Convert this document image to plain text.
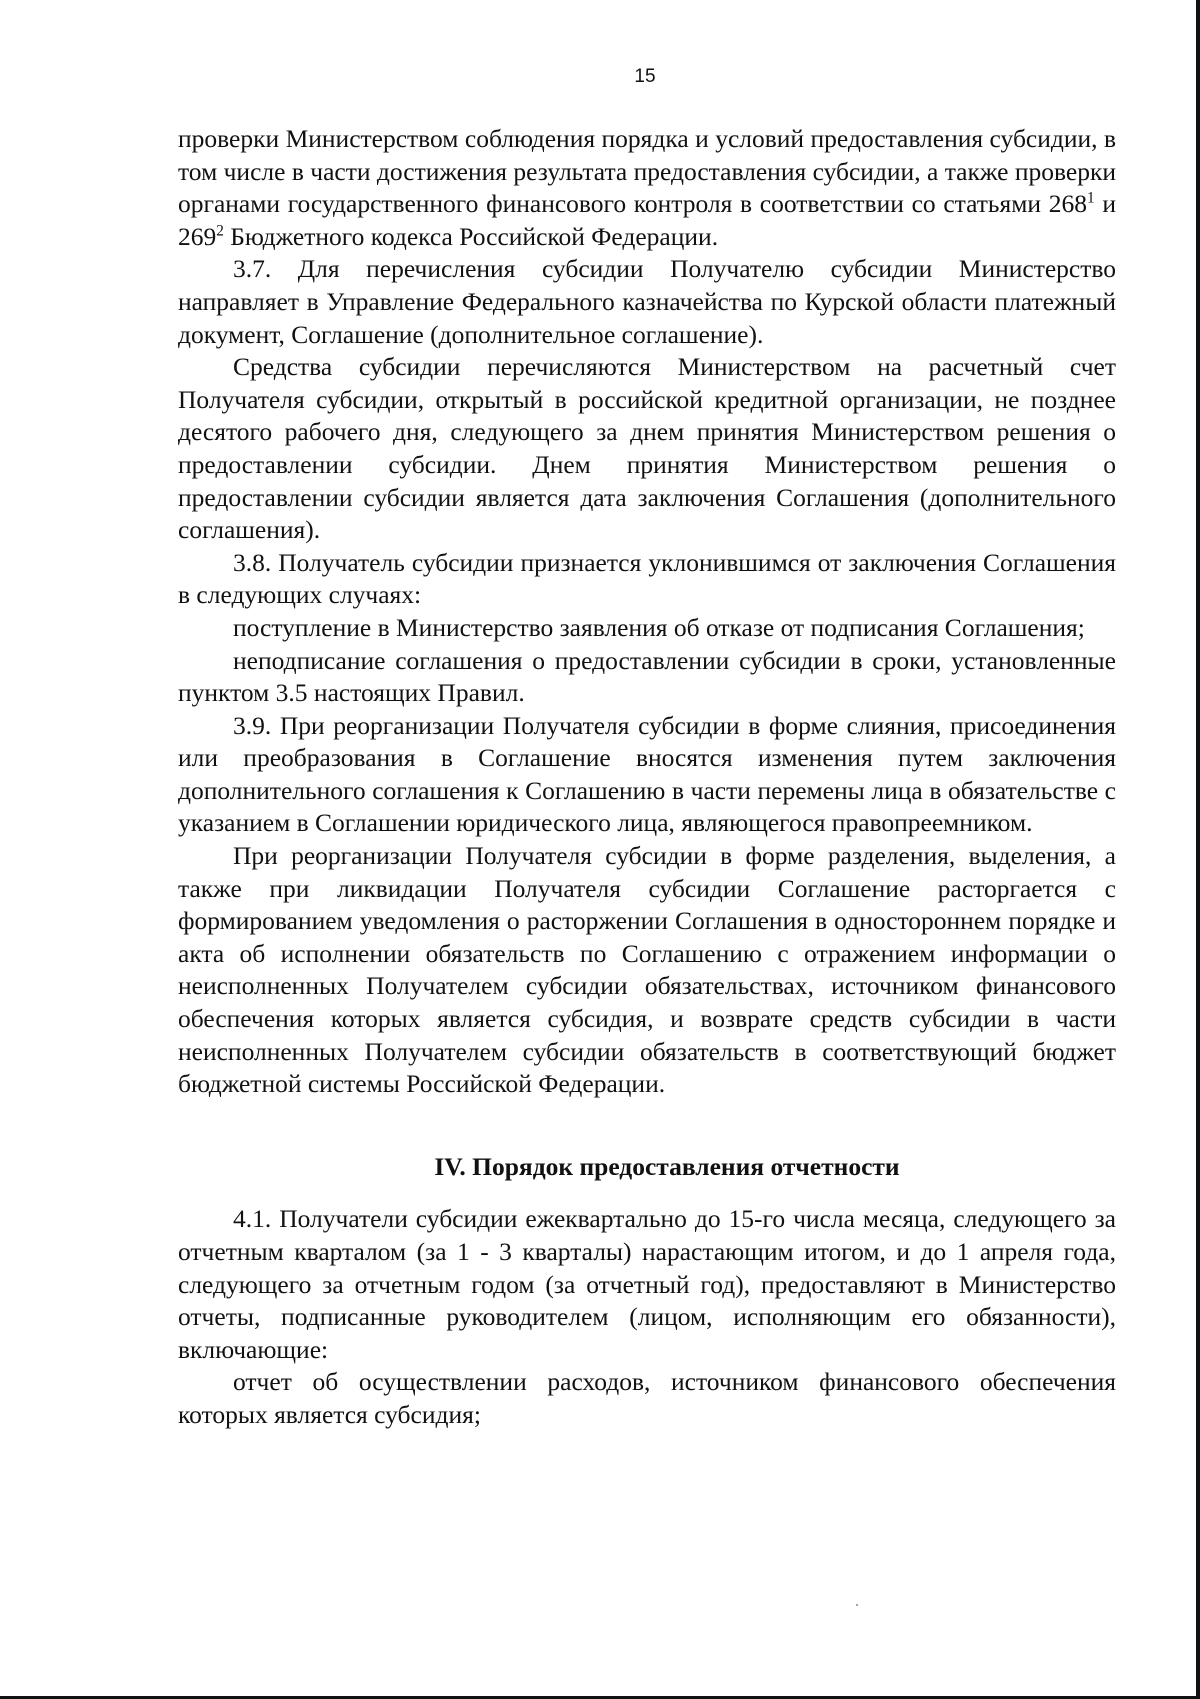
15

проверки Министерством соблюдения порядка и условий предоставления субсидии, в том числе в части достижения результата предоставления субсидии, а также проверки органами государственного финансового контроля в соответствии со статьями $268^1$ и $269^2$ Бюджетного кодекса Российской Федерации.

3.7. Для перечисления субсидии Получателю субсидии Министерство направляет в Управление Федерального казначейства по Курской области платежный документ, Соглашение (дополнительное соглашение).

Средства субсидии перечисляются Министерством на расчетный счет Получателя субсидии, открытый в российской кредитной организации, не позднее десятого рабочего дня, следующего за днем принятия Министерством решения о предоставлении субсидии. Днем принятия Министерством решения о предоставлении субсидии является дата заключения Соглашения (дополнительного соглашения).

3.8. Получатель субсидии признается уклонившимся от заключения Соглашения в следующих случаях:

поступление в Министерство заявления об отказе от подписания Соглашения;

неподписание соглашения о предоставлении субсидии в сроки, установленные пунктом 3.5 настоящих Правил.

3.9. При реорганизации Получателя субсидии в форме слияния, присоединения или преобразования в Соглашение вносятся изменения путем заключения дополнительного соглашения к Соглашению в части перемены лица в обязательстве с указанием в Соглашении юридического лица, являющегося правопреемником.

При реорганизации Получателя субсидии в форме разделения, выделения, а также при ликвидации Получателя субсидии Соглашение расторгается с формированием уведомления о расторжении Соглашения в одностороннем порядке и акта об исполнении обязательств по Соглашению с отражением информации о неисполненных Получателем субсидии обязательствах, источником финансового обеспечения которых является субсидия, и возврате средств субсидии в части неисполненных Получателем субсидии обязательств в соответствующий бюджет бюджетной системы Российской Федерации.

IV. Порядок предоставления отчетности

4.1. Получатели субсидии ежеквартально до 15-го числа месяца, следующего за отчетным кварталом (за 1 - 3 кварталы) нарастающим итогом, и до 1 апреля года, следующего за отчетным годом (за отчетный год), предоставляют в Министерство отчеты, подписанные руководителем (лицом, исполняющим его обязанности), включающие:

отчет об осуществлении расходов, источником финансового обеспечения которых является субсидия;
